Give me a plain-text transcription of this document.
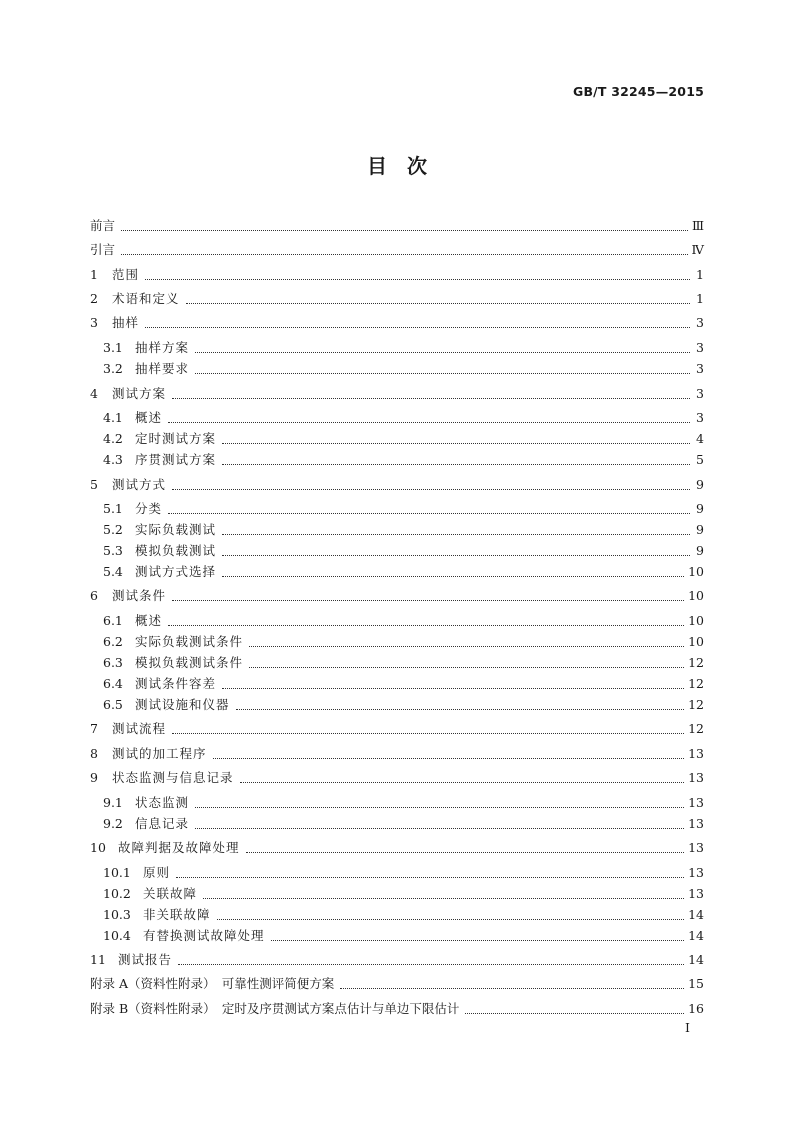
GB/T 32245—2015
目　次
前言	Ⅲ
引言	Ⅳ
1	范围	1
2	术语和定义	1
3	抽样	3
3.1 抽样方案	3
3.2 抽样要求	3
4	测试方案	3
4.1 概述	3
4.2 定时测试方案	4
4.3 序贯测试方案	5
5	测试方式	9
5.1 分类	9
5.2 实际负载测试	9
5.3 模拟负载测试	9
5.4 测试方式选择	10
6	测试条件	10
6.1 概述	10
6.2 实际负载测试条件	10
6.3 模拟负载测试条件	12
6.4 测试条件容差	12
6.5 测试设施和仪器	12
7	测试流程	12
8	测试的加工程序	13
9	状态监测与信息记录	13
9.1 状态监测	13
9.2 信息记录	13
10 故障判据及故障处理	13
10.1 原则	13
10.2 关联故障	13
10.3 非关联故障	14
10.4 有替换测试故障处理	14
11 测试报告	14
附录 A（资料性附录）　可靠性测评简便方案	15
附录 B（资料性附录）　定时及序贯测试方案点估计与单边下限估计	16
I
